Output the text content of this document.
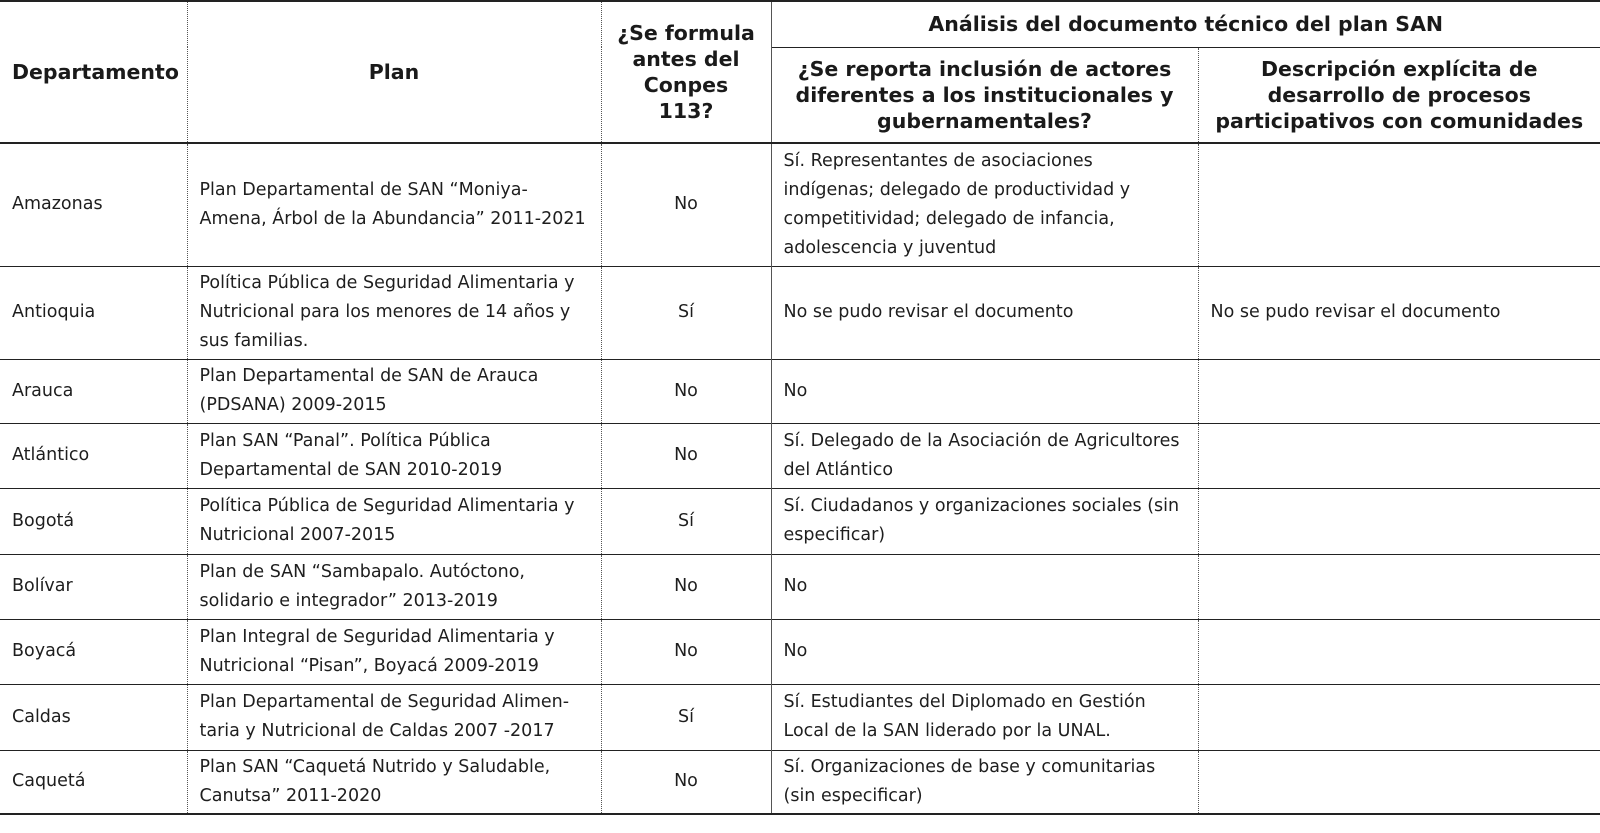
Departamento	Plan	¿Se formula antes del Conpes 113?	Análisis del documento técnico del plan SAN	
			¿Se reporta inclusión de actores diferentes a los institucionales y gubernamentales?	Descripción explícita de desarrollo de procesos participativos con comunidades
Amazonas	Plan Departamental de SAN “Moniya-Amena, Árbol de la Abundancia” 2011-2021	No	Sí. Representantes de asociaciones indígenas; delegado de productividad y competitividad; delegado de infancia, adolescencia y juventud	
Antioquia	Política Pública de Seguridad Alimentaria y Nutricional para los menores de 14 años y sus familias.	Sí	No se pudo revisar el documento	No se pudo revisar el documento
Arauca	Plan Departamental de SAN de Arauca (PDSANA) 2009-2015	No	No	
Atlántico	Plan SAN “Panal”. Política Pública Departamental de SAN 2010-2019	No	Sí. Delegado de la Asociación de Agricultores del Atlántico	
Bogotá	Política Pública de Seguridad Alimentaria y Nutricional 2007-2015	Sí	Sí. Ciudadanos y organizaciones sociales (sin especificar)	
Bolívar	Plan de SAN “Sambapalo. Autóctono, solidario e integrador” 2013-2019	No	No	
Boyacá	Plan Integral de Seguridad Alimentaria y Nutricional “Pisan”, Boyacá 2009-2019	No	No	
Caldas	Plan Departamental de Seguridad Alimen-taria y Nutricional de Caldas 2007 -2017	Sí	Sí. Estudiantes del Diplomado en Gestión Local de la SAN liderado por la UNAL.	
Caquetá	Plan SAN “Caquetá Nutrido y Saludable, Canutsa” 2011-2020	No	Sí. Organizaciones de base y comunitarias (sin especificar)	
